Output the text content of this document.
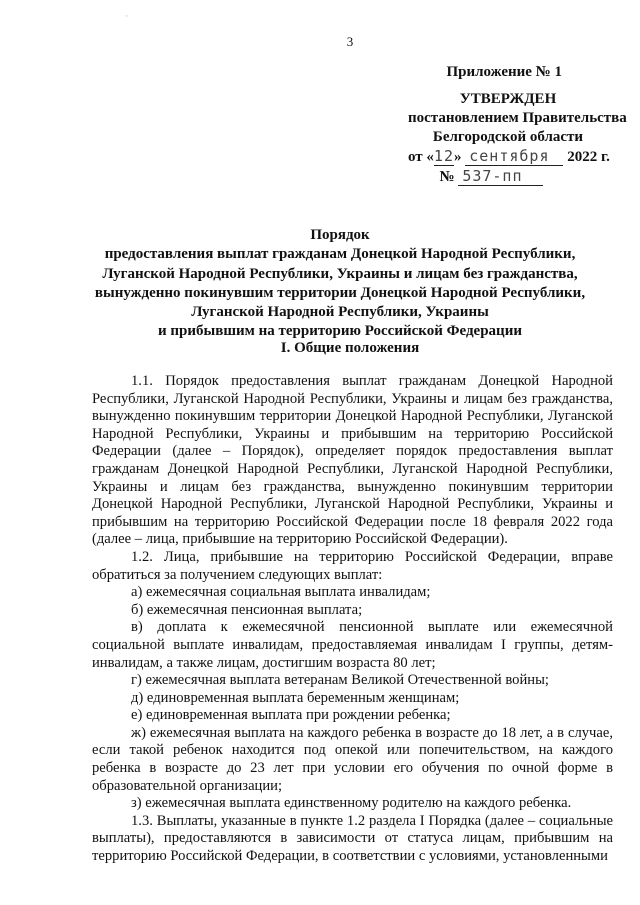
ᵕ
3
Приложение № 1
УТВЕРЖДЕН
постановлением Правительства
Белгородской области
от «12» сентября 2022 г.
№ 537-пп
Порядок
предоставления выплат гражданам Донецкой Народной Республики,
Луганской Народной Республики, Украины и лицам без гражданства,
вынужденно покинувшим территории Донецкой Народной Республики,
Луганской Народной Республики, Украины
и прибывшим на территорию Российской Федерации
I. Общие положения

1.1. Порядок предоставления выплат гражданам Донецкой Народной Республики, Луганской Народной Республики, Украины и лицам без гражданства, вынужденно покинувшим территории Донецкой Народной Республики, Луганской Народной Республики, Украины и прибывшим на территорию Российской Федерации (далее – Порядок), определяет порядок предоставления выплат гражданам Донецкой Народной Республики, Луганской Народной Республики, Украины и лицам без гражданства, вынужденно покинувшим территории Донецкой Народной Республики, Луганской Народной Республики, Украины и прибывшим на территорию Российской Федерации после 18 февраля 2022 года (далее – лица, прибывшие на территорию Российской Федерации).

1.2. Лица, прибывшие на территорию Российской Федерации, вправе обратиться за получением следующих выплат:

а) ежемесячная социальная выплата инвалидам;

б) ежемесячная пенсионная выплата;

в) доплата к ежемесячной пенсионной выплате или ежемесячной социальной выплате инвалидам, предоставляемая инвалидам I группы, детям-инвалидам, а также лицам, достигшим возраста 80 лет;

г) ежемесячная выплата ветеранам Великой Отечественной войны;

д) единовременная выплата беременным женщинам;

е) единовременная выплата при рождении ребенка;

ж) ежемесячная выплата на каждого ребенка в возрасте до 18 лет, а в случае, если такой ребенок находится под опекой или попечительством, на каждого ребенка в возрасте до 23 лет при условии его обучения по очной форме в образовательной организации;

з) ежемесячная выплата единственному родителю на каждого ребенка.

1.3. Выплаты, указанные в пункте 1.2 раздела I Порядка (далее – социальные выплаты), предоставляются в зависимости от статуса лицам, прибывшим на территорию Российской Федерации, в соответствии с условиями, установленными
